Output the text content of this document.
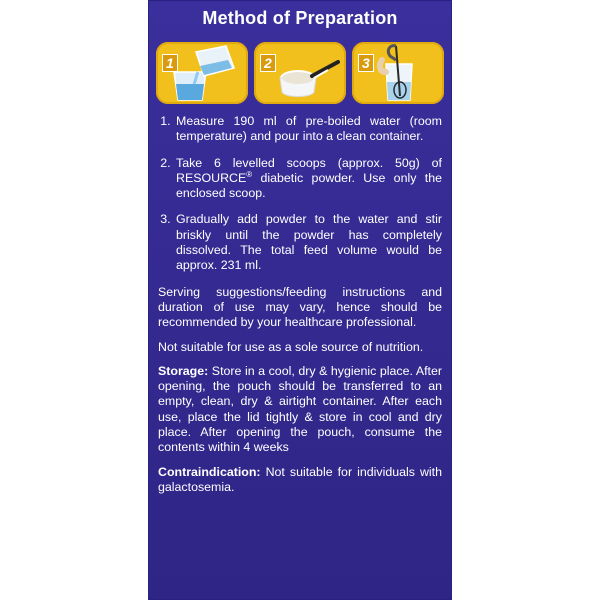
Method of Preparation
1	2	3
1. Measure 190 ml of pre-boiled water (room temperature) and pour into a clean container.
2. Take 6 levelled scoops (approx. 50g) of RESOURCE® diabetic powder. Use only the enclosed scoop.
3. Gradually add powder to the water and stir briskly until the powder has completely dissolved. The total feed volume would be approx. 231 ml.

Serving suggestions/feeding instructions and duration of use may vary, hence should be recommended by your healthcare professional.

Not suitable for use as a sole source of nutrition.

Storage: Store in a cool, dry & hygienic place. After opening, the pouch should be transferred to an empty, clean, dry & airtight container. After each use, place the lid tightly & store in cool and dry place. After opening the pouch, consume the contents within 4 weeks

Contraindication: Not suitable for individuals with galactosemia.
